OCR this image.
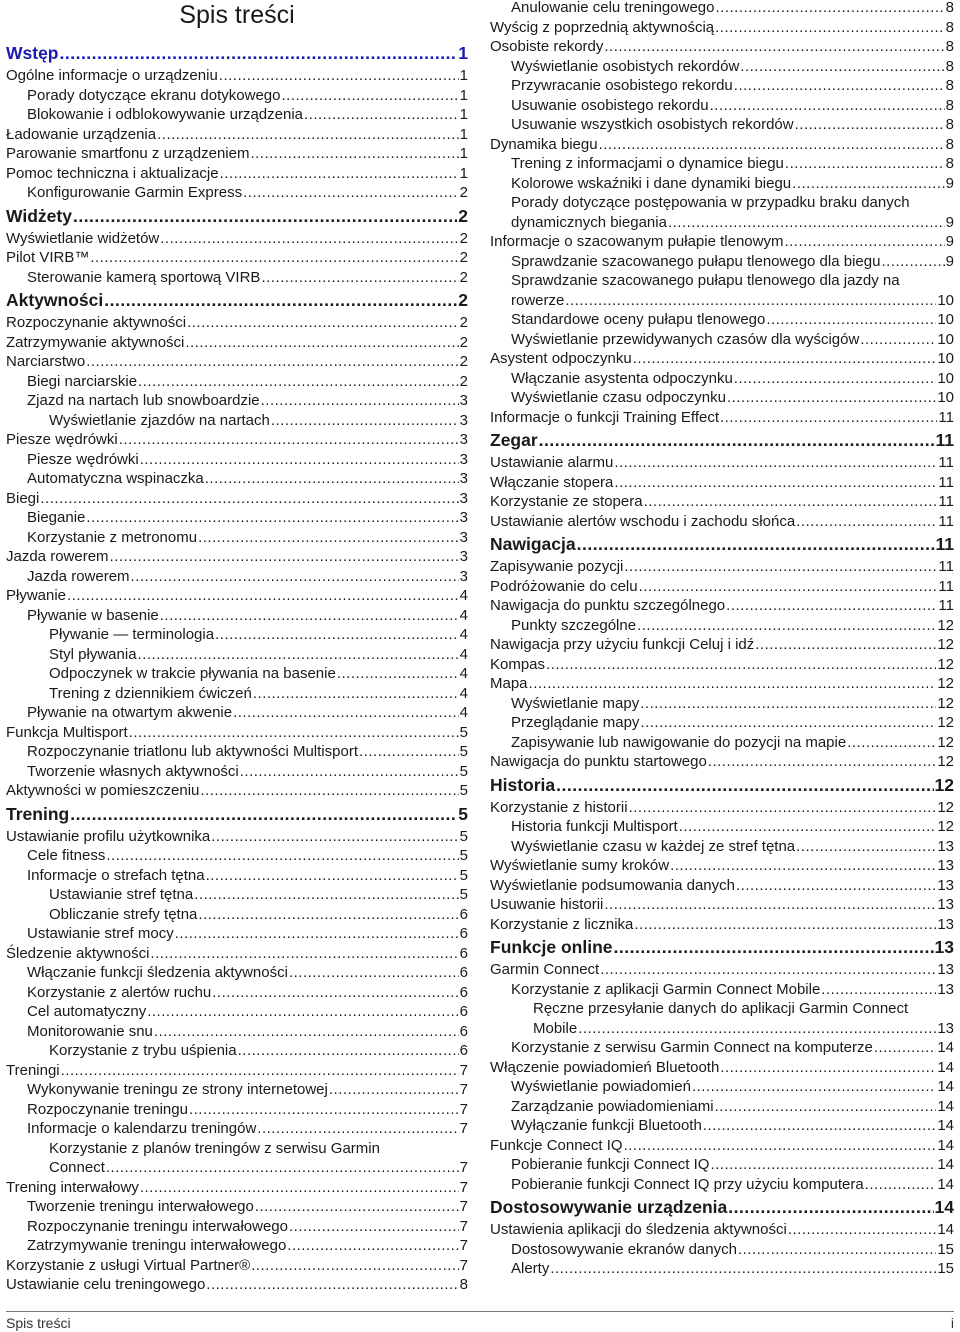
Spis treści
Wstęp .....	1
Ogólne informacje o urządzeniu .....	1
Porady dotyczące ekranu dotykowego .....	1
Blokowanie i odblokowywanie urządzenia .....	1
Ładowanie urządzenia .....	1
Parowanie smartfonu z urządzeniem .....	1
Pomoc techniczna i aktualizacje .....	1
Konfigurowanie Garmin Express .....	2
Widżety .....	2
Wyświetlanie widżetów .....	2
Pilot VIRB™ .....	2
Sterowanie kamerą sportową VIRB .....	2
Aktywności .....	2
Rozpoczynanie aktywności .....	2
Zatrzymywanie aktywności .....	2
Narciarstwo .....	2
Biegi narciarskie .....	2
Zjazd na nartach lub snowboardzie .....	3
Wyświetlanie zjazdów na nartach .....	3
Piesze wędrówki .....	3
Piesze wędrówki .....	3
Automatyczna wspinaczka .....	3
Biegi .....	3
Bieganie .....	3
Korzystanie z metronomu .....	3
Jazda rowerem .....	3
Jazda rowerem .....	3
Pływanie .....	4
Pływanie w basenie .....	4
Pływanie — terminologia .....	4
Styl pływania .....	4
Odpoczynek w trakcie pływania na basenie .....	4
Trening z dziennikiem ćwiczeń .....	4
Pływanie na otwartym akwenie .....	4
Funkcja Multisport .....	5
Rozpoczynanie triatlonu lub aktywności Multisport .....	5
Tworzenie własnych aktywności .....	5
Aktywności w pomieszczeniu .....	5
Trening .....	5
Ustawianie profilu użytkownika .....	5
Cele fitness .....	5
Informacje o strefach tętna .....	5
Ustawianie stref tętna .....	5
Obliczanie strefy tętna .....	6
Ustawianie stref mocy .....	6
Śledzenie aktywności .....	6
Włączanie funkcji śledzenia aktywności .....	6
Korzystanie z alertów ruchu .....	6
Cel automatyczny .....	6
Monitorowanie snu .....	6
Korzystanie z trybu uśpienia .....	6
Treningi .....	7
Wykonywanie treningu ze strony internetowej .....	7
Rozpoczynanie treningu .....	7
Informacje o kalendarzu treningów .....	7
Korzystanie z planów treningów z serwisu Garmin
Connect .....	7
Trening interwałowy .....	7
Tworzenie treningu interwałowego .....	7
Rozpoczynanie treningu interwałowego .....	7
Zatrzymywanie treningu interwałowego .....	7
Korzystanie z usługi Virtual Partner® .....	7
Ustawianie celu treningowego .....	8
Anulowanie celu treningowego .....	8
Wyścig z poprzednią aktywnością .....	8
Osobiste rekordy .....	8
Wyświetlanie osobistych rekordów .....	8
Przywracanie osobistego rekordu .....	8
Usuwanie osobistego rekordu .....	8
Usuwanie wszystkich osobistych rekordów .....	8
Dynamika biegu .....	8
Trening z informacjami o dynamice biegu .....	8
Kolorowe wskaźniki i dane dynamiki biegu .....	9
Porady dotyczące postępowania w przypadku braku danych
dynamicznych biegania .....	9
Informacje o szacowanym pułapie tlenowym .....	9
Sprawdzanie szacowanego pułapu tlenowego dla biegu .....	9
Sprawdzanie szacowanego pułapu tlenowego dla jazdy na
rowerze .....	10
Standardowe oceny pułapu tlenowego .....	10
Wyświetlanie przewidywanych czasów dla wyścigów .....	10
Asystent odpoczynku .....	10
Włączanie asystenta odpoczynku .....	10
Wyświetlanie czasu odpoczynku .....	10
Informacje o funkcji Training Effect .....	11
Zegar .....	11
Ustawianie alarmu .....	11
Włączanie stopera .....	11
Korzystanie ze stopera .....	11
Ustawianie alertów wschodu i zachodu słońca .....	11
Nawigacja .....	11
Zapisywanie pozycji .....	11
Podróżowanie do celu .....	11
Nawigacja do punktu szczególnego .....	11
Punkty szczególne .....	12
Nawigacja przy użyciu funkcji Celuj i idź .....	12
Kompas .....	12
Mapa .....	12
Wyświetlanie mapy .....	12
Przeglądanie mapy .....	12
Zapisywanie lub nawigowanie do pozycji na mapie .....	12
Nawigacja do punktu startowego .....	12
Historia .....	12
Korzystanie z historii .....	12
Historia funkcji Multisport .....	12
Wyświetlanie czasu w każdej ze stref tętna .....	13
Wyświetlanie sumy kroków .....	13
Wyświetlanie podsumowania danych .....	13
Usuwanie historii .....	13
Korzystanie z licznika .....	13
Funkcje online .....	13
Garmin Connect .....	13
Korzystanie z aplikacji Garmin Connect Mobile .....	13
Ręczne przesyłanie danych do aplikacji Garmin Connect
Mobile .....	13
Korzystanie z serwisu Garmin Connect na komputerze .....	14
Włączenie powiadomień Bluetooth .....	14
Wyświetlanie powiadomień .....	14
Zarządzanie powiadomieniami .....	14
Wyłączanie funkcji Bluetooth .....	14
Funkcje Connect IQ .....	14
Pobieranie funkcji Connect IQ .....	14
Pobieranie funkcji Connect IQ przy użyciu komputera .....	14
Dostosowywanie urządzenia .....	14
Ustawienia aplikacji do śledzenia aktywności .....	14
Dostosowywanie ekranów danych .....	15
Alerty .....	15
Spis treści	i
